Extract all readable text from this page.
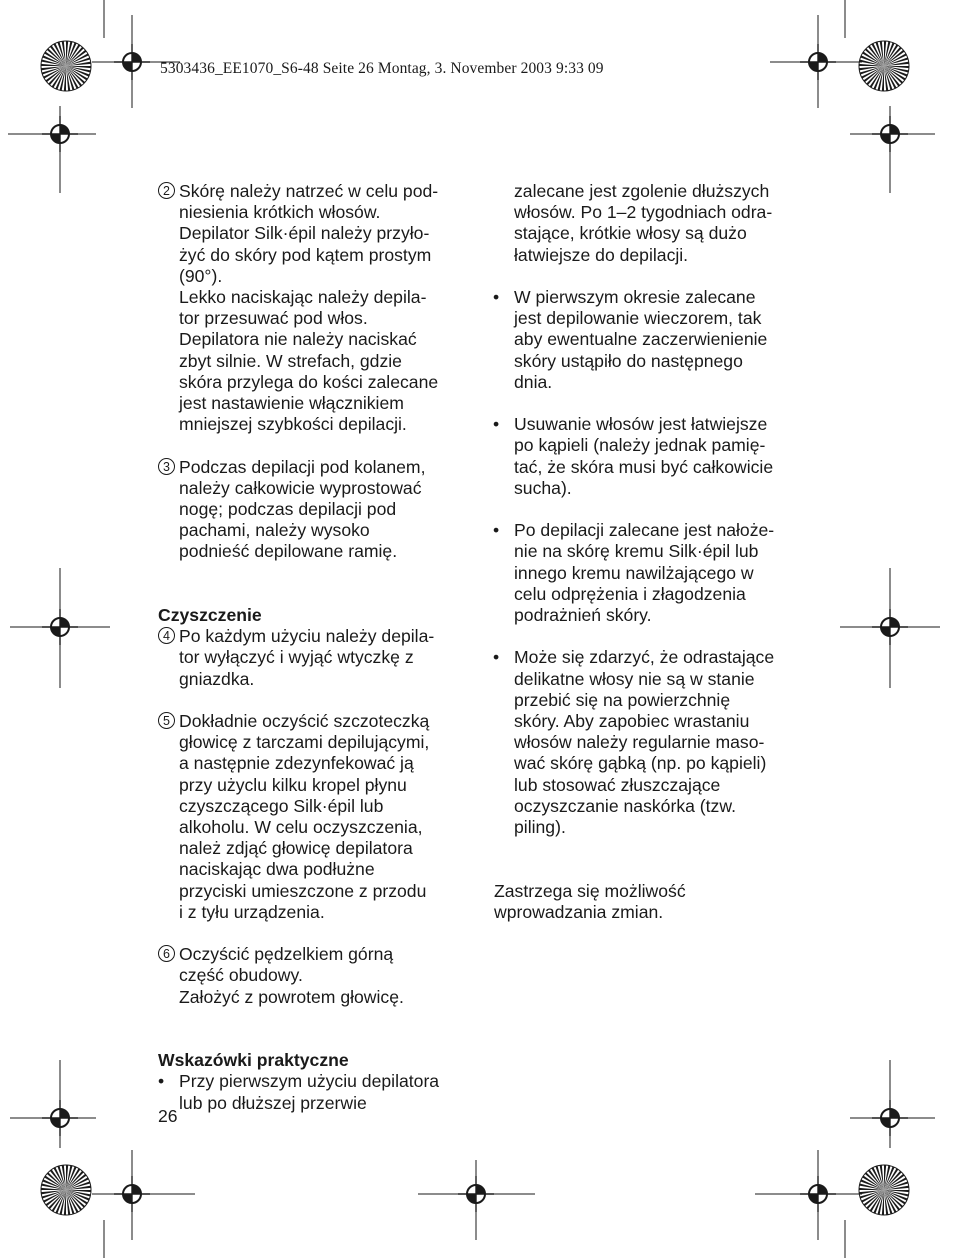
5303436_EE1070_S6-48 Seite 26 Montag, 3. November 2003 9:33 09
2 Skórę należy natrzeć w celu pod-
niesienia krótkich włosów.
Depilator Silk·épil należy przyło-
żyć do skóry pod kątem prostym
(90°).
Lekko naciskając należy depila-
tor przesuwać pod włos.
Depilatora nie należy naciskać
zbyt silnie. W strefach, gdzie
skóra przylega do kości zalecane
jest nastawienie włącznikiem
mniejszej szybkości depilacji.
3 Podczas depilacji pod kolanem,
należy całkowicie wyprostować
nogę; podczas depilacji pod
pachami, należy wysoko
podnieść depilowane ramię.
Czyszczenie
4 Po każdym użyciu należy depila-
tor wyłączyć i wyjąć wtyczkę z
gniazdka.
5 Dokładnie oczyścić szczoteczką
głowicę z tarczami depilującymi,
a następnie zdezynfekować ją
przy użyclu kilku kropel płynu
czyszczącego Silk·épil lub
alkoholu. W celu oczyszczenia,
należ zdjąć głowicę depilatora
naciskając dwa podłużne
przyciski umieszczone z przodu
i z tyłu urządzenia.
6 Oczyścić pędzelkiem górną
część obudowy.
Założyć z powrotem głowicę.
Wskazówki praktyczne
• Przy pierwszym użyciu depilatora
lub po dłuższej przerwie
zalecane jest zgolenie dłuższych
włosów. Po 1–2 tygodniach odra-
stające, krótkie włosy są dużo
łatwiejsze do depilacji.
• W pierwszym okresie zalecane
jest depilowanie wieczorem, tak
aby ewentualne zaczerwienienie
skóry ustąpiło do następnego
dnia.
• Usuwanie włosów jest łatwiejsze
po kąpieli (należy jednak pamię-
tać, że skóra musi być całkowicie
sucha).
• Po depilacji zalecane jest nałoże-
nie na skórę kremu Silk·épil lub
innego kremu nawilżającego w
celu odprężenia i złagodzenia
podrażnień skóry.
• Może się zdarzyć, że odrastające
delikatne włosy nie są w stanie
przebić się na powierzchnię
skóry. Aby zapobiec wrastaniu
włosów należy regularnie maso-
wać skórę gąbką (np. po kąpieli)
lub stosować złuszczające
oczyszczanie naskórka (tzw.
piling).
Zastrzega się możliwość
wprowadzania zmian.
26
